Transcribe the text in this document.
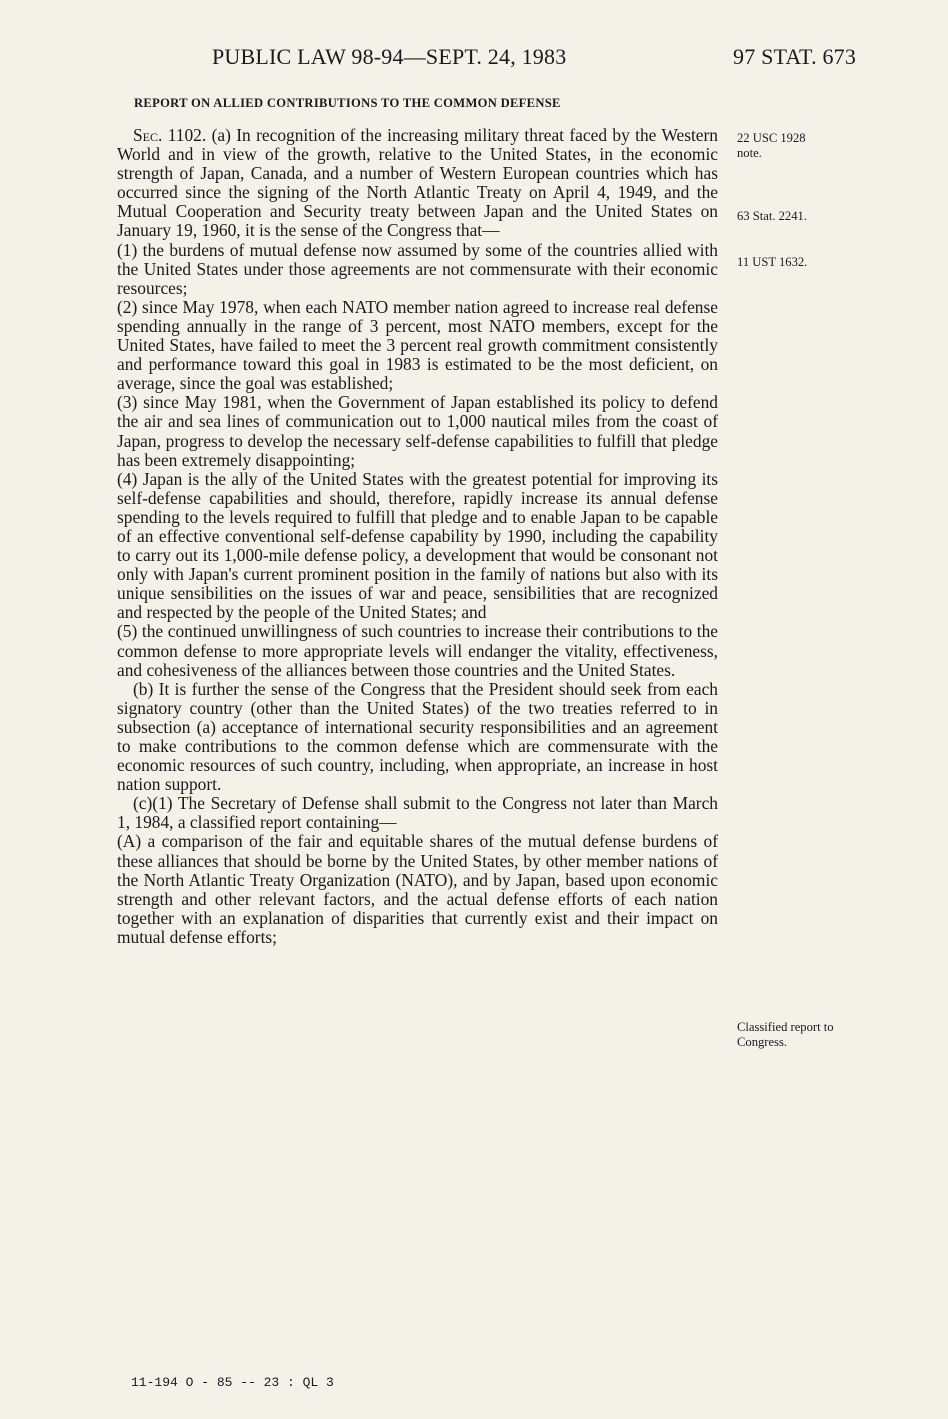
PUBLIC LAW 98-94—SEPT. 24, 1983	97 STAT. 673
REPORT ON ALLIED CONTRIBUTIONS TO THE COMMON DEFENSE

Sec. 1102. (a) In recognition of the increasing military threat faced by the Western World and in view of the growth, relative to the United States, in the economic strength of Japan, Canada, and a number of Western European countries which has occurred since the signing of the North Atlantic Treaty on April 4, 1949, and the Mutual Cooperation and Security treaty between Japan and the United States on January 19, 1960, it is the sense of the Congress that—

(1) the burdens of mutual defense now assumed by some of the countries allied with the United States under those agreements are not commensurate with their economic resources;

(2) since May 1978, when each NATO member nation agreed to increase real defense spending annually in the range of 3 percent, most NATO members, except for the United States, have failed to meet the 3 percent real growth commitment consistently and performance toward this goal in 1983 is estimated to be the most deficient, on average, since the goal was established;

(3) since May 1981, when the Government of Japan established its policy to defend the air and sea lines of communication out to 1,000 nautical miles from the coast of Japan, progress to develop the necessary self-defense capabilities to fulfill that pledge has been extremely disappointing;

(4) Japan is the ally of the United States with the greatest potential for improving its self-defense capabilities and should, therefore, rapidly increase its annual defense spending to the levels required to fulfill that pledge and to enable Japan to be capable of an effective conventional self-defense capability by 1990, including the capability to carry out its 1,000-mile defense policy, a development that would be consonant not only with Japan's current prominent position in the family of nations but also with its unique sensibilities on the issues of war and peace, sensibilities that are recognized and respected by the people of the United States; and

(5) the continued unwillingness of such countries to increase their contributions to the common defense to more appropriate levels will endanger the vitality, effectiveness, and cohesiveness of the alliances between those countries and the United States.

(b) It is further the sense of the Congress that the President should seek from each signatory country (other than the United States) of the two treaties referred to in subsection (a) acceptance of international security responsibilities and an agreement to make contributions to the common defense which are commensurate with the economic resources of such country, including, when appropriate, an increase in host nation support.

(c)(1) The Secretary of Defense shall submit to the Congress not later than March 1, 1984, a classified report containing—

(A) a comparison of the fair and equitable shares of the mutual defense burdens of these alliances that should be borne by the United States, by other member nations of the North Atlantic Treaty Organization (NATO), and by Japan, based upon economic strength and other relevant factors, and the actual defense efforts of each nation together with an explanation of disparities that currently exist and their impact on mutual defense efforts;

22 USC 1928 note.
63 Stat. 2241.
11 UST 1632.
Classified report to Congress.
11-194 O - 85 -- 23 : QL 3
